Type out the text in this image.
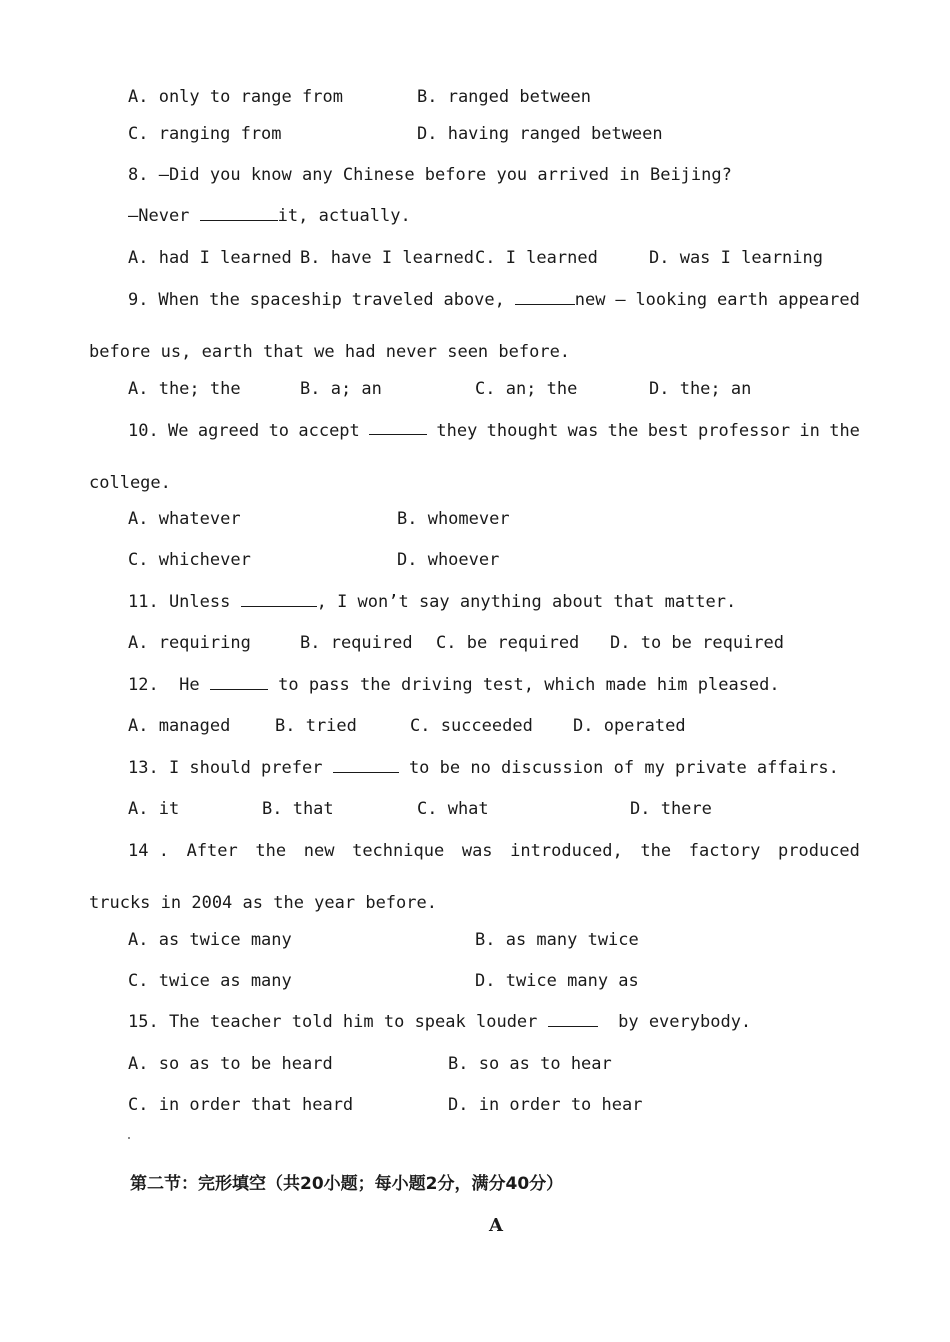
A. only to range from	B. ranged between
C. ranging from	D. having ranged between
8. —Did you know any Chinese before you arrived in Beijing?
—Never	it, actually.
A. had I learned B. have I learned C. I learned	D. was I learning
9. When the spaceship traveled above,	new – looking earth appeared
before us, earth that we had never seen before.
A. the; the	B. a; an	C. an; the	D. the; an
10. We agreed to accept	they thought was the best professor in the
college.
A. whatever	B. whomever
C. whichever	D. whoever
11. Unless	, I won’t say anything about that matter.
A. requiring	B. required C. be required D. to be required
12.  He	to pass the driving test, which made him pleased.
A. managed	B. tried	C. succeeded D. operated
13. I should prefer	to be no discussion of my private affairs.
A. it	B. that	C. what	D. there
14 . After the new technique was introduced, the factory produced
trucks in 2004 as the year before.
A. as twice many	B. as many twice
C. twice as many	D. twice many as
15. The teacher told him to speak louder	by everybody.
A. so as to be heard	B. so as to hear
C. in order that heard	D. in order to hear
第二节：完形填空（共20小题；每小题2分，满分40分）
A
